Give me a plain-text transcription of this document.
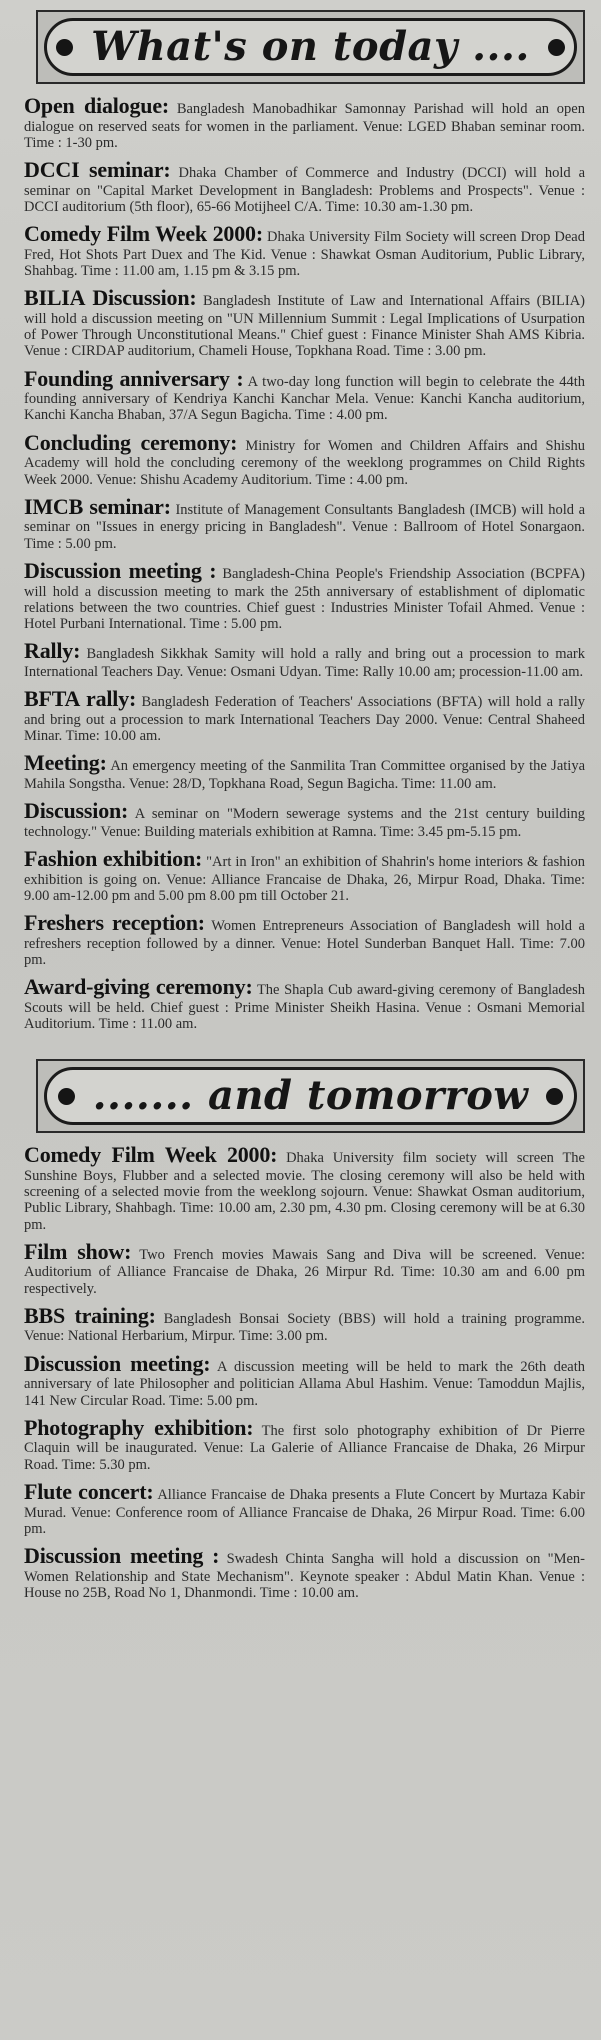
What's on today ....
Open dialogue: Bangladesh Manobadhikar Samonnay Parishad will hold an open dialogue on reserved seats for women in the parliament. Venue: LGED Bhaban seminar room. Time : 1-30 pm.
DCCI seminar: Dhaka Chamber of Commerce and Industry (DCCI) will hold a seminar on "Capital Market Development in Bangladesh: Problems and Prospects". Venue : DCCI auditorium (5th floor), 65-66 Motijheel C/A. Time: 10.30 am-1.30 pm.
Comedy Film Week 2000: Dhaka University Film Society will screen Drop Dead Fred, Hot Shots Part Duex and The Kid. Venue : Shawkat Osman Auditorium, Public Library, Shahbag. Time : 11.00 am, 1.15 pm & 3.15 pm.
BILIA Discussion: Bangladesh Institute of Law and International Affairs (BILIA) will hold a discussion meeting on "UN Millennium Summit : Legal Implications of Usurpation of Power Through Unconstitutional Means." Chief guest : Finance Minister Shah AMS Kibria. Venue : CIRDAP auditorium, Chameli House, Topkhana Road. Time : 3.00 pm.
Founding anniversary : A two-day long function will begin to celebrate the 44th founding anniversary of Kendriya Kanchi Kanchar Mela. Venue: Kanchi Kancha auditorium, Kanchi Kancha Bhaban, 37/A Segun Bagicha. Time : 4.00 pm.
Concluding ceremony: Ministry for Women and Children Affairs and Shishu Academy will hold the concluding ceremony of the weeklong programmes on Child Rights Week 2000. Venue: Shishu Academy Auditorium. Time : 4.00 pm.
IMCB seminar: Institute of Management Consultants Bangladesh (IMCB) will hold a seminar on "Issues in energy pricing in Bangladesh". Venue : Ballroom of Hotel Sonargaon. Time : 5.00 pm.
Discussion meeting : Bangladesh-China People's Friendship Association (BCPFA) will hold a discussion meeting to mark the 25th anniversary of establishment of diplomatic relations between the two countries. Chief guest : Industries Minister Tofail Ahmed. Venue : Hotel Purbani International. Time : 5.00 pm.
Rally: Bangladesh Sikkhak Samity will hold a rally and bring out a procession to mark International Teachers Day. Venue: Osmani Udyan. Time: Rally 10.00 am; procession-11.00 am.
BFTA rally: Bangladesh Federation of Teachers' Associations (BFTA) will hold a rally and bring out a procession to mark International Teachers Day 2000. Venue: Central Shaheed Minar. Time: 10.00 am.
Meeting: An emergency meeting of the Sanmilita Tran Committee organised by the Jatiya Mahila Songstha. Venue: 28/D, Topkhana Road, Segun Bagicha. Time: 11.00 am.
Discussion: A seminar on "Modern sewerage systems and the 21st century building technology." Venue: Building materials exhibition at Ramna. Time: 3.45 pm-5.15 pm.
Fashion exhibition: "Art in Iron" an exhibition of Shahrin's home interiors & fashion exhibition is going on. Venue: Alliance Francaise de Dhaka, 26, Mirpur Road, Dhaka. Time: 9.00 am-12.00 pm and 5.00 pm 8.00 pm till October 21.
Freshers reception: Women Entrepreneurs Association of Bangladesh will hold a refreshers reception followed by a dinner. Venue: Hotel Sunderban Banquet Hall. Time: 7.00 pm.
Award-giving ceremony: The Shapla Cub award-giving ceremony of Bangladesh Scouts will be held. Chief guest : Prime Minister Sheikh Hasina. Venue : Osmani Memorial Auditorium. Time : 11.00 am.
....... and tomorrow
Comedy Film Week 2000: Dhaka University film society will screen The Sunshine Boys, Flubber and a selected movie. The closing ceremony will also be held with screening of a selected movie from the weeklong sojourn. Venue: Shawkat Osman auditorium, Public Library, Shahbagh. Time: 10.00 am, 2.30 pm, 4.30 pm. Closing ceremony will be at 6.30 pm.
Film show: Two French movies Mawais Sang and Diva will be screened. Venue: Auditorium of Alliance Francaise de Dhaka, 26 Mirpur Rd. Time: 10.30 am and 6.00 pm respectively.
BBS training: Bangladesh Bonsai Society (BBS) will hold a training programme. Venue: National Herbarium, Mirpur. Time: 3.00 pm.
Discussion meeting: A discussion meeting will be held to mark the 26th death anniversary of late Philosopher and politician Allama Abul Hashim. Venue: Tamoddun Majlis, 141 New Circular Road. Time: 5.00 pm.
Photography exhibition: The first solo photography exhibition of Dr Pierre Claquin will be inaugurated. Venue: La Galerie of Alliance Francaise de Dhaka, 26 Mirpur Road. Time: 5.30 pm.
Flute concert: Alliance Francaise de Dhaka presents a Flute Concert by Murtaza Kabir Murad. Venue: Conference room of Alliance Francaise de Dhaka, 26 Mirpur Road. Time: 6.00 pm.
Discussion meeting : Swadesh Chinta Sangha will hold a discussion on "Men-Women Relationship and State Mechanism". Keynote speaker : Abdul Matin Khan. Venue : House no 25B, Road No 1, Dhanmondi. Time : 10.00 am.
